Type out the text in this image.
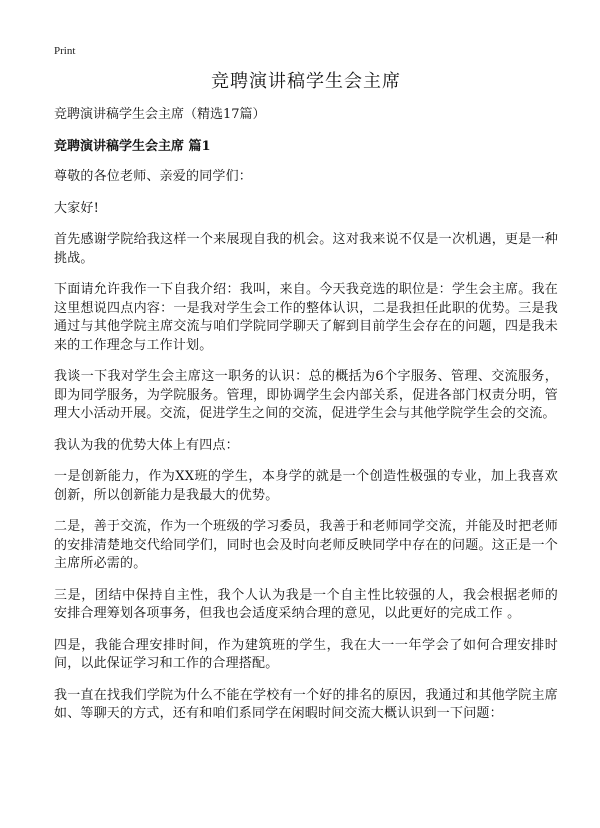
Print
竞聘演讲稿学生会主席

竞聘演讲稿学生会主席（精选17篇）

竞聘演讲稿学生会主席 篇1

尊敬的各位老师、亲爱的同学们：

大家好!

首先感谢学院给我这样一个来展现自我的机会。这对我来说不仅是一次机遇，更是一种挑战。

下面请允许我作一下自我介绍：我叫，来自。今天我竞选的职位是：学生会主席。我在这里想说四点内容：一是我对学生会工作的整体认识，二是我担任此职的优势。三是我通过与其他学院主席交流与咱们学院同学聊天了解到目前学生会存在的问题，四是我未来的工作理念与工作计划。

我谈一下我对学生会主席这一职务的认识：总的概括为6个字服务、管理、交流服务，即为同学服务，为学院服务。管理，即协调学生会内部关系，促进各部门权责分明，管理大小活动开展。交流，促进学生之间的交流，促进学生会与其他学院学生会的交流。

我认为我的优势大体上有四点：

一是创新能力，作为XX班的学生，本身学的就是一个创造性极强的专业，加上我喜欢创新，所以创新能力是我最大的优势。

二是，善于交流，作为一个班级的学习委员，我善于和老师同学交流，并能及时把老师的安排清楚地交代给同学们，同时也会及时向老师反映同学中存在的问题。这正是一个主席所必需的。

三是，团结中保持自主性，我个人认为我是一个自主性比较强的人，我会根据老师的 安排合理筹划各项事务，但我也会适度采纳合理的意见，以此更好的完成工作 。

四是，我能合理安排时间，作为建筑班的学生，我在大一一年学会了如何合理安排时间，以此保证学习和工作的合理搭配。

我一直在找我们学院为什么不能在学校有一个好的排名的原因，我通过和其他学院主席如、等聊天的方式，还有和咱们系同学在闲暇时间交流大概认识到一下问题：
